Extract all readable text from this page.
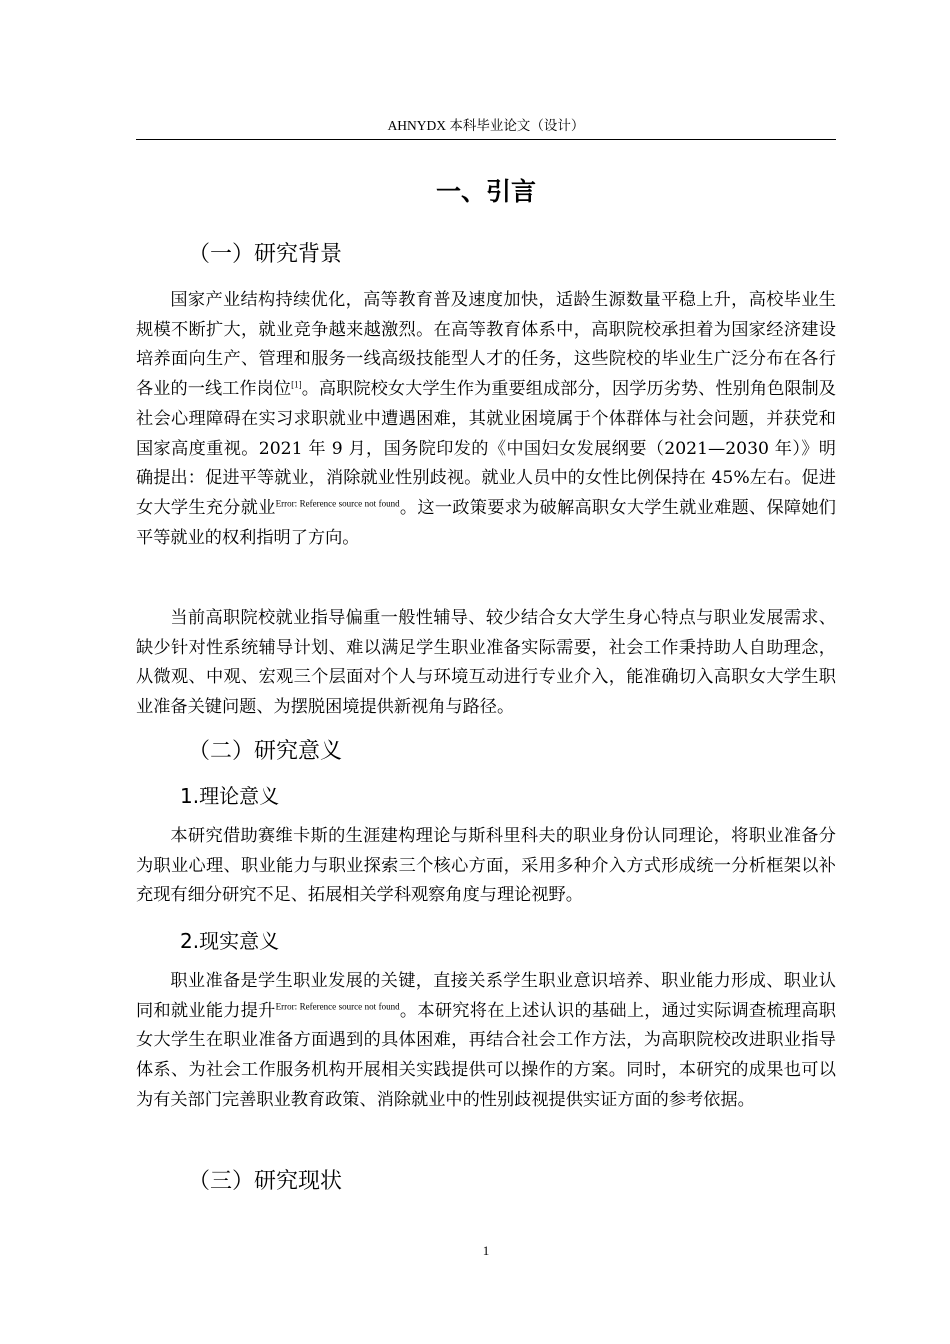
AHNYDX 本科毕业论文（设计）
一、引言
（一）研究背景

国家产业结构持续优化，高等教育普及速度加快，适龄生源数量平稳上升，高校毕业生规模不断扩大，就业竞争越来越激烈。在高等教育体系中，高职院校承担着为国家经济建设培养面向生产、管理和服务一线高级技能型人才的任务，这些院校的毕业生广泛分布在各行各业的一线工作岗位[1]。高职院校女大学生作为重要组成部分，因学历劣势、性别角色限制及社会心理障碍在实习求职就业中遭遇困难，其就业困境属于个体群体与社会问题，并获党和国家高度重视。2021 年 9 月，国务院印发的《中国妇女发展纲要（2021—2030 年）》明确提出：促进平等就业，消除就业性别歧视。就业人员中的女性比例保持在 45%左右。促进女大学生充分就业$^{Error: Reference source not found}$。这一政策要求为破解高职女大学生就业难题、保障她们平等就业的权利指明了方向。

当前高职院校就业指导偏重一般性辅导、较少结合女大学生身心特点与职业发展需求、缺少针对性系统辅导计划、难以满足学生职业准备实际需要，社会工作秉持助人自助理念，从微观、中观、宏观三个层面对个人与环境互动进行专业介入，能准确切入高职女大学生职业准备关键问题、为摆脱困境提供新视角与路径。

（二）研究意义
1.理论意义

本研究借助赛维卡斯的生涯建构理论与斯科里科夫的职业身份认同理论，将职业准备分为职业心理、职业能力与职业探索三个核心方面，采用多种介入方式形成统一分析框架以补充现有细分研究不足、拓展相关学科观察角度与理论视野。

2.现实意义

职业准备是学生职业发展的关键，直接关系学生职业意识培养、职业能力形成、职业认同和就业能力提升$^{Error: Reference source not found}$。本研究将在上述认识的基础上，通过实际调查梳理高职女大学生在职业准备方面遇到的具体困难，再结合社会工作方法，为高职院校改进职业指导体系、为社会工作服务机构开展相关实践提供可以操作的方案。同时，本研究的成果也可以为有关部门完善职业教育政策、消除就业中的性别歧视提供实证方面的参考依据。

（三）研究现状
1
